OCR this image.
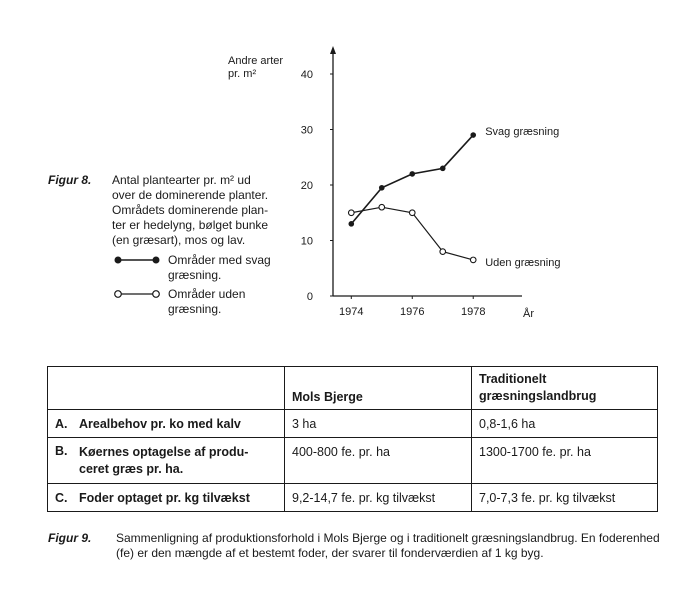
Figur 8. Antal plantearter pr. m² ud
over de dominerende planter.
Områdets dominerende plan-
ter er hedelyng, bølget bunke
(en græsart), mos og lav.
Områder med svag
græsning.
Områder uden
græsning.
Andre arter
pr. m²
År
0
10
20
30
40
1974	1976	1978
Svag græsning
Uden græsning
	Mols Bjerge	Traditionelt
græsningslandbrug
A. Arealbehov pr. ko med kalv	3 ha	0,8-1,6 ha
B. Køernes optagelse af produ-
ceret græs pr. ha.	400-800 fe. pr. ha	1300-1700 fe. pr. ha
C. Foder optaget pr. kg tilvækst	9,2-14,7 fe. pr. kg tilvækst	7,0-7,3 fe. pr. kg tilvækst
Figur 9. Sammenligning af produktionsforhold i Mols Bjerge og i traditionelt græsningslandbrug. En foderenhed (fe) er den mængde af et bestemt foder, der svarer til fonderværdien af 1 kg byg.
